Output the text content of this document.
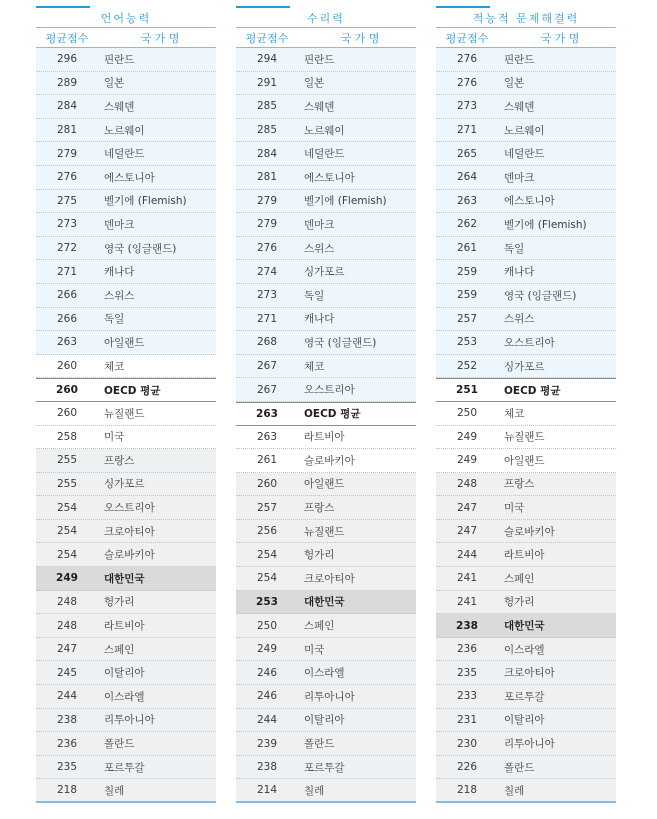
언어능력
평균점수	국 가 명
296	핀란드
289	일본
284	스웨덴
281	노르웨이
279	네덜란드
276	에스토니아
275	벨기에 (Flemish)
273	덴마크
272	영국 (잉글랜드)
271	캐나다
266	스위스
266	독일
263	아일랜드
260	체코
260	OECD 평균
260	뉴질랜드
258	미국
255	프랑스
255	싱가포르
254	오스트리아
254	크로아티아
254	슬로바키아
249	대한민국
248	헝가리
248	라트비아
247	스페인
245	이탈리아
244	이스라엘
238	리투아니아
236	폴란드
235	포르투갈
218	칠레
수리력
평균점수	국 가 명
294	핀란드
291	일본
285	스웨덴
285	노르웨이
284	네덜란드
281	에스토니아
279	벨기에 (Flemish)
279	덴마크
276	스위스
274	싱가포르
273	독일
271	캐나다
268	영국 (잉글랜드)
267	체코
267	오스트리아
263	OECD 평균
263	라트비아
261	슬로바키아
260	아일랜드
257	프랑스
256	뉴질랜드
254	헝가리
254	크로아티아
253	대한민국
250	스페인
249	미국
246	이스라엘
246	리투아니아
244	이탈리아
239	폴란드
238	포르투갈
214	칠레
적능적 문제해결력
평균점수	국 가 명
276	핀란드
276	일본
273	스웨덴
271	노르웨이
265	네덜란드
264	덴마크
263	에스토니아
262	벨기에 (Flemish)
261	독일
259	캐나다
259	영국 (잉글랜드)
257	스위스
253	오스트리아
252	싱가포르
251	OECD 평균
250	체코
249	뉴질랜드
249	아일랜드
248	프랑스
247	미국
247	슬로바키아
244	라트비아
241	스페인
241	헝가리
238	대한민국
236	이스라엘
235	크로아티아
233	포르투갈
231	이탈리아
230	리투아니아
226	폴란드
218	칠레
